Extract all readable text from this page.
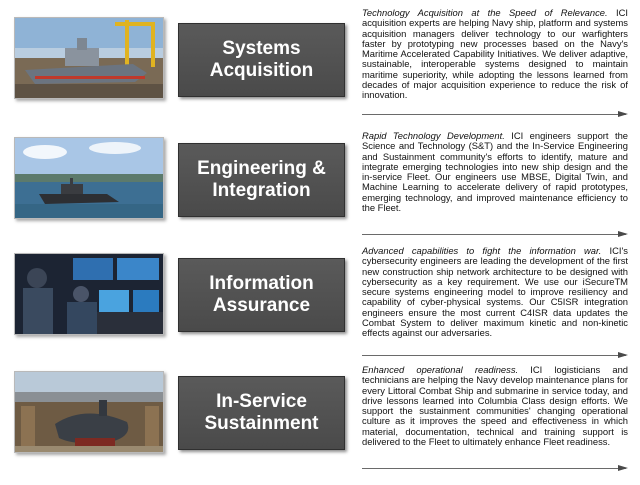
Systems
Acquisition
Technology Acquisition at the Speed of Relevance. ICI acquisition experts are helping Navy ship, platform and systems acquisition managers deliver technology to our warfighters faster by prototyping new processes based on the Navy's Maritime Accelerated Capability Initiatives. We deliver adaptive, sustainable, interoperable systems designed to maintain maritime superiority, while adopting the lessons learned from decades of major acquisition experience to reduce the risk of innovation.
Engineering &
Integration
Rapid Technology Development. ICI engineers support the Science and Technology (S&T) and the In-Service Engineering and Sustainment community's efforts to identify, mature and integrate emerging technologies into new ship design and the in-service Fleet. Our engineers use MBSE, Digital Twin, and Machine Learning to accelerate delivery of rapid prototypes, emerging technology, and improved maintenance efficiency to the Fleet.
Information
Assurance
Advanced capabilities to fight the information war. ICI's cybersecurity engineers are leading the development of the first new construction ship network architecture to be designed with cybersecurity as a key requirement. We use our iSecureTM secure systems engineering model to improve resiliency and capability of cyber-physical systems. Our C5ISR integration engineers ensure the most current C4ISR data updates the Combat System to deliver maximum kinetic and non-kinetic effects against our adversaries.
In-Service
Sustainment
Enhanced operational readiness. ICI logisticians and technicians are helping the Navy develop maintenance plans for every Littoral Combat Ship and submarine in service today, and drive lessons learned into Columbia Class design efforts. We support the sustainment communities' changing operational culture as it improves the speed and effectiveness in which material, documentation, technical and training support is delivered to the Fleet to ultimately enhance Fleet readiness.
